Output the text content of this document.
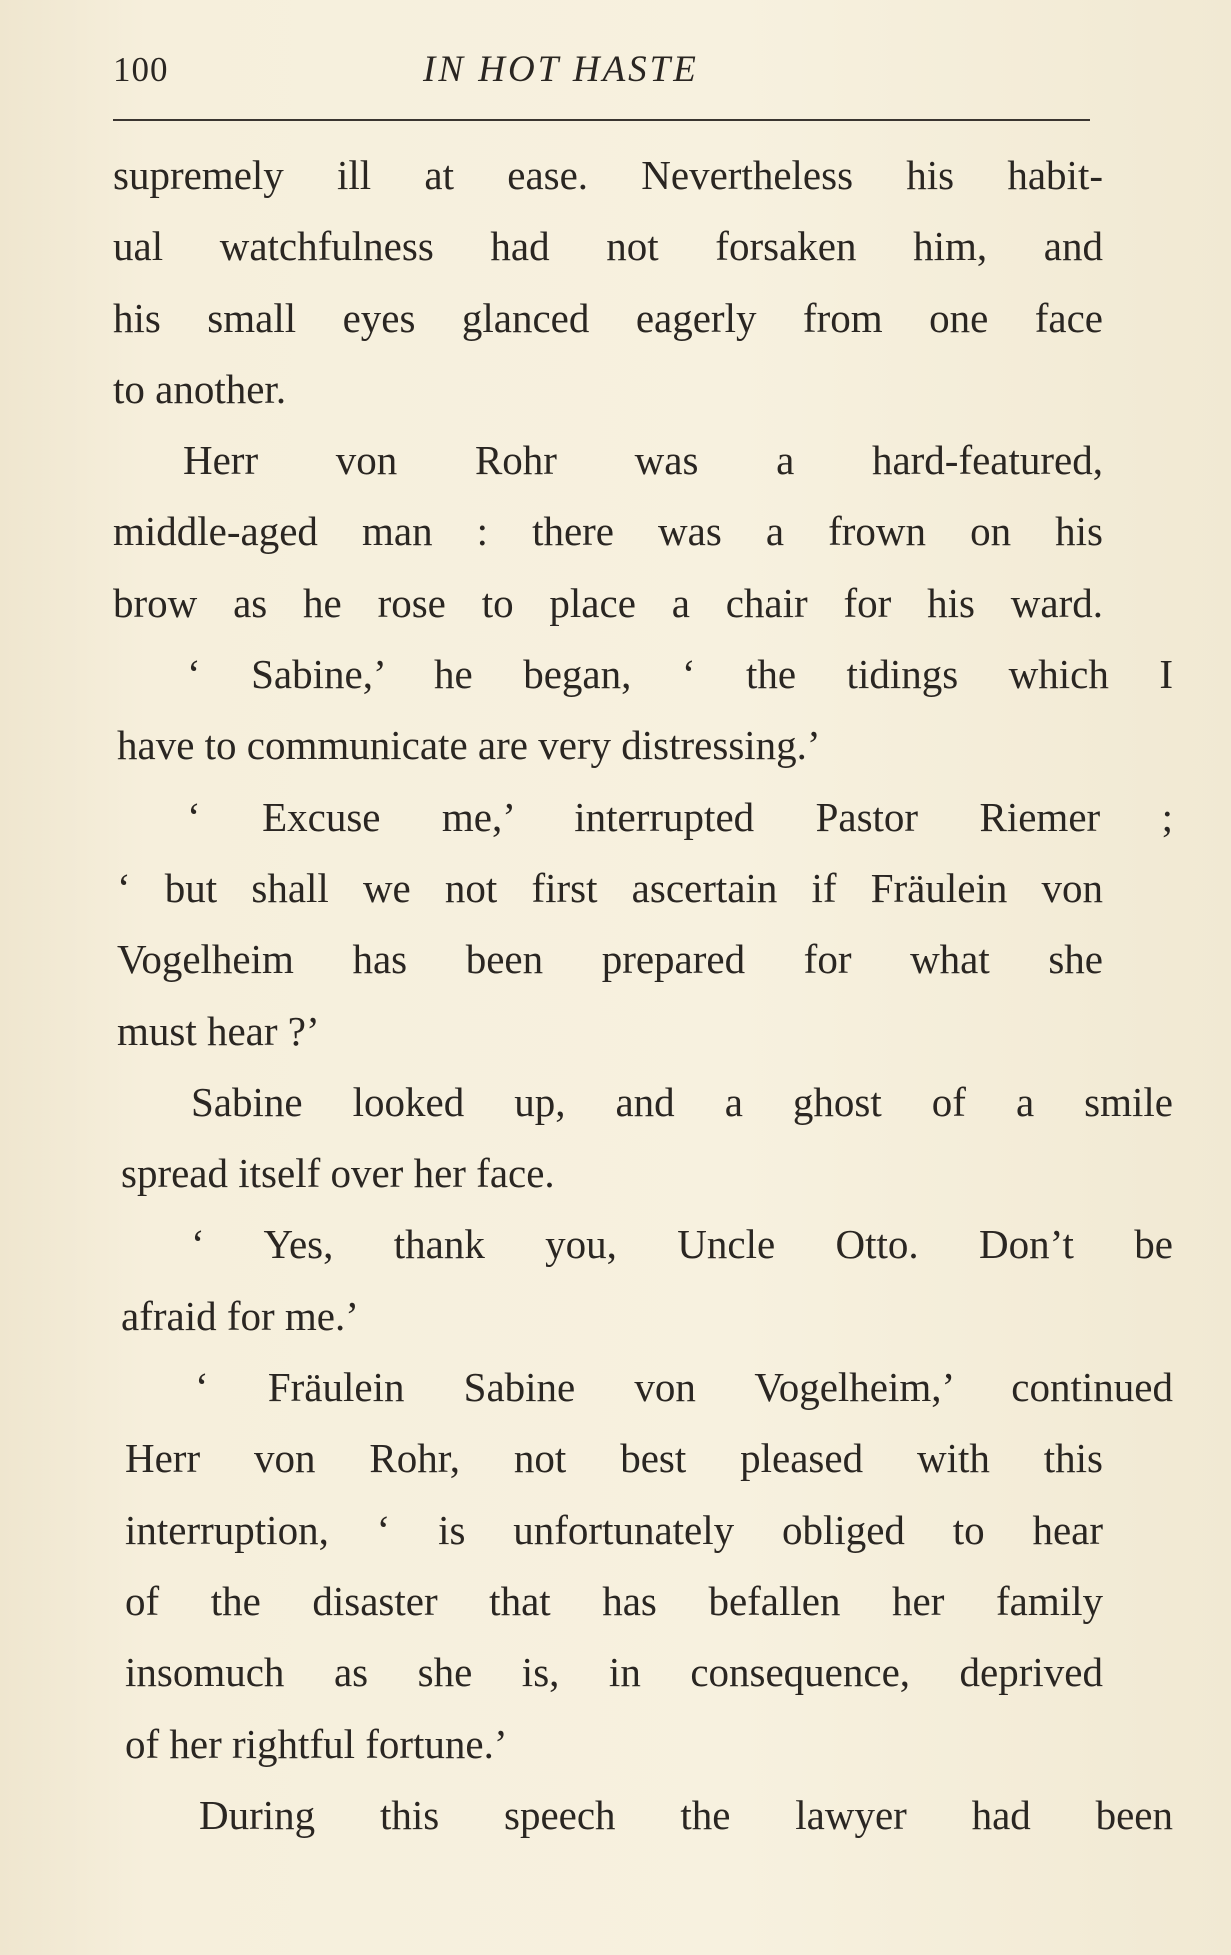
100	IN HOT HASTE
supremely ill at ease. Nevertheless his habit-
ual watchfulness had not forsaken him, and
his small eyes glanced eagerly from one face
to another.
Herr von Rohr was a hard-featured,
middle-aged man : there was a frown on his
brow as he rose to place a chair for his ward.
‘ Sabine,’ he began, ‘ the tidings which I
have to communicate are very distressing.’
‘ Excuse me,’ interrupted Pastor Riemer ;
‘ but shall we not first ascertain if Fräulein von
Vogelheim has been prepared for what she
must hear ?’
Sabine looked up, and a ghost of a smile
spread itself over her face.
‘ Yes, thank you, Uncle Otto. Don’t be
afraid for me.’
‘ Fräulein Sabine von Vogelheim,’ continued
Herr von Rohr, not best pleased with this
interruption, ‘ is unfortunately obliged to hear
of the disaster that has befallen her family
insomuch as she is, in consequence, deprived
of her rightful fortune.’
During this speech the lawyer had been
